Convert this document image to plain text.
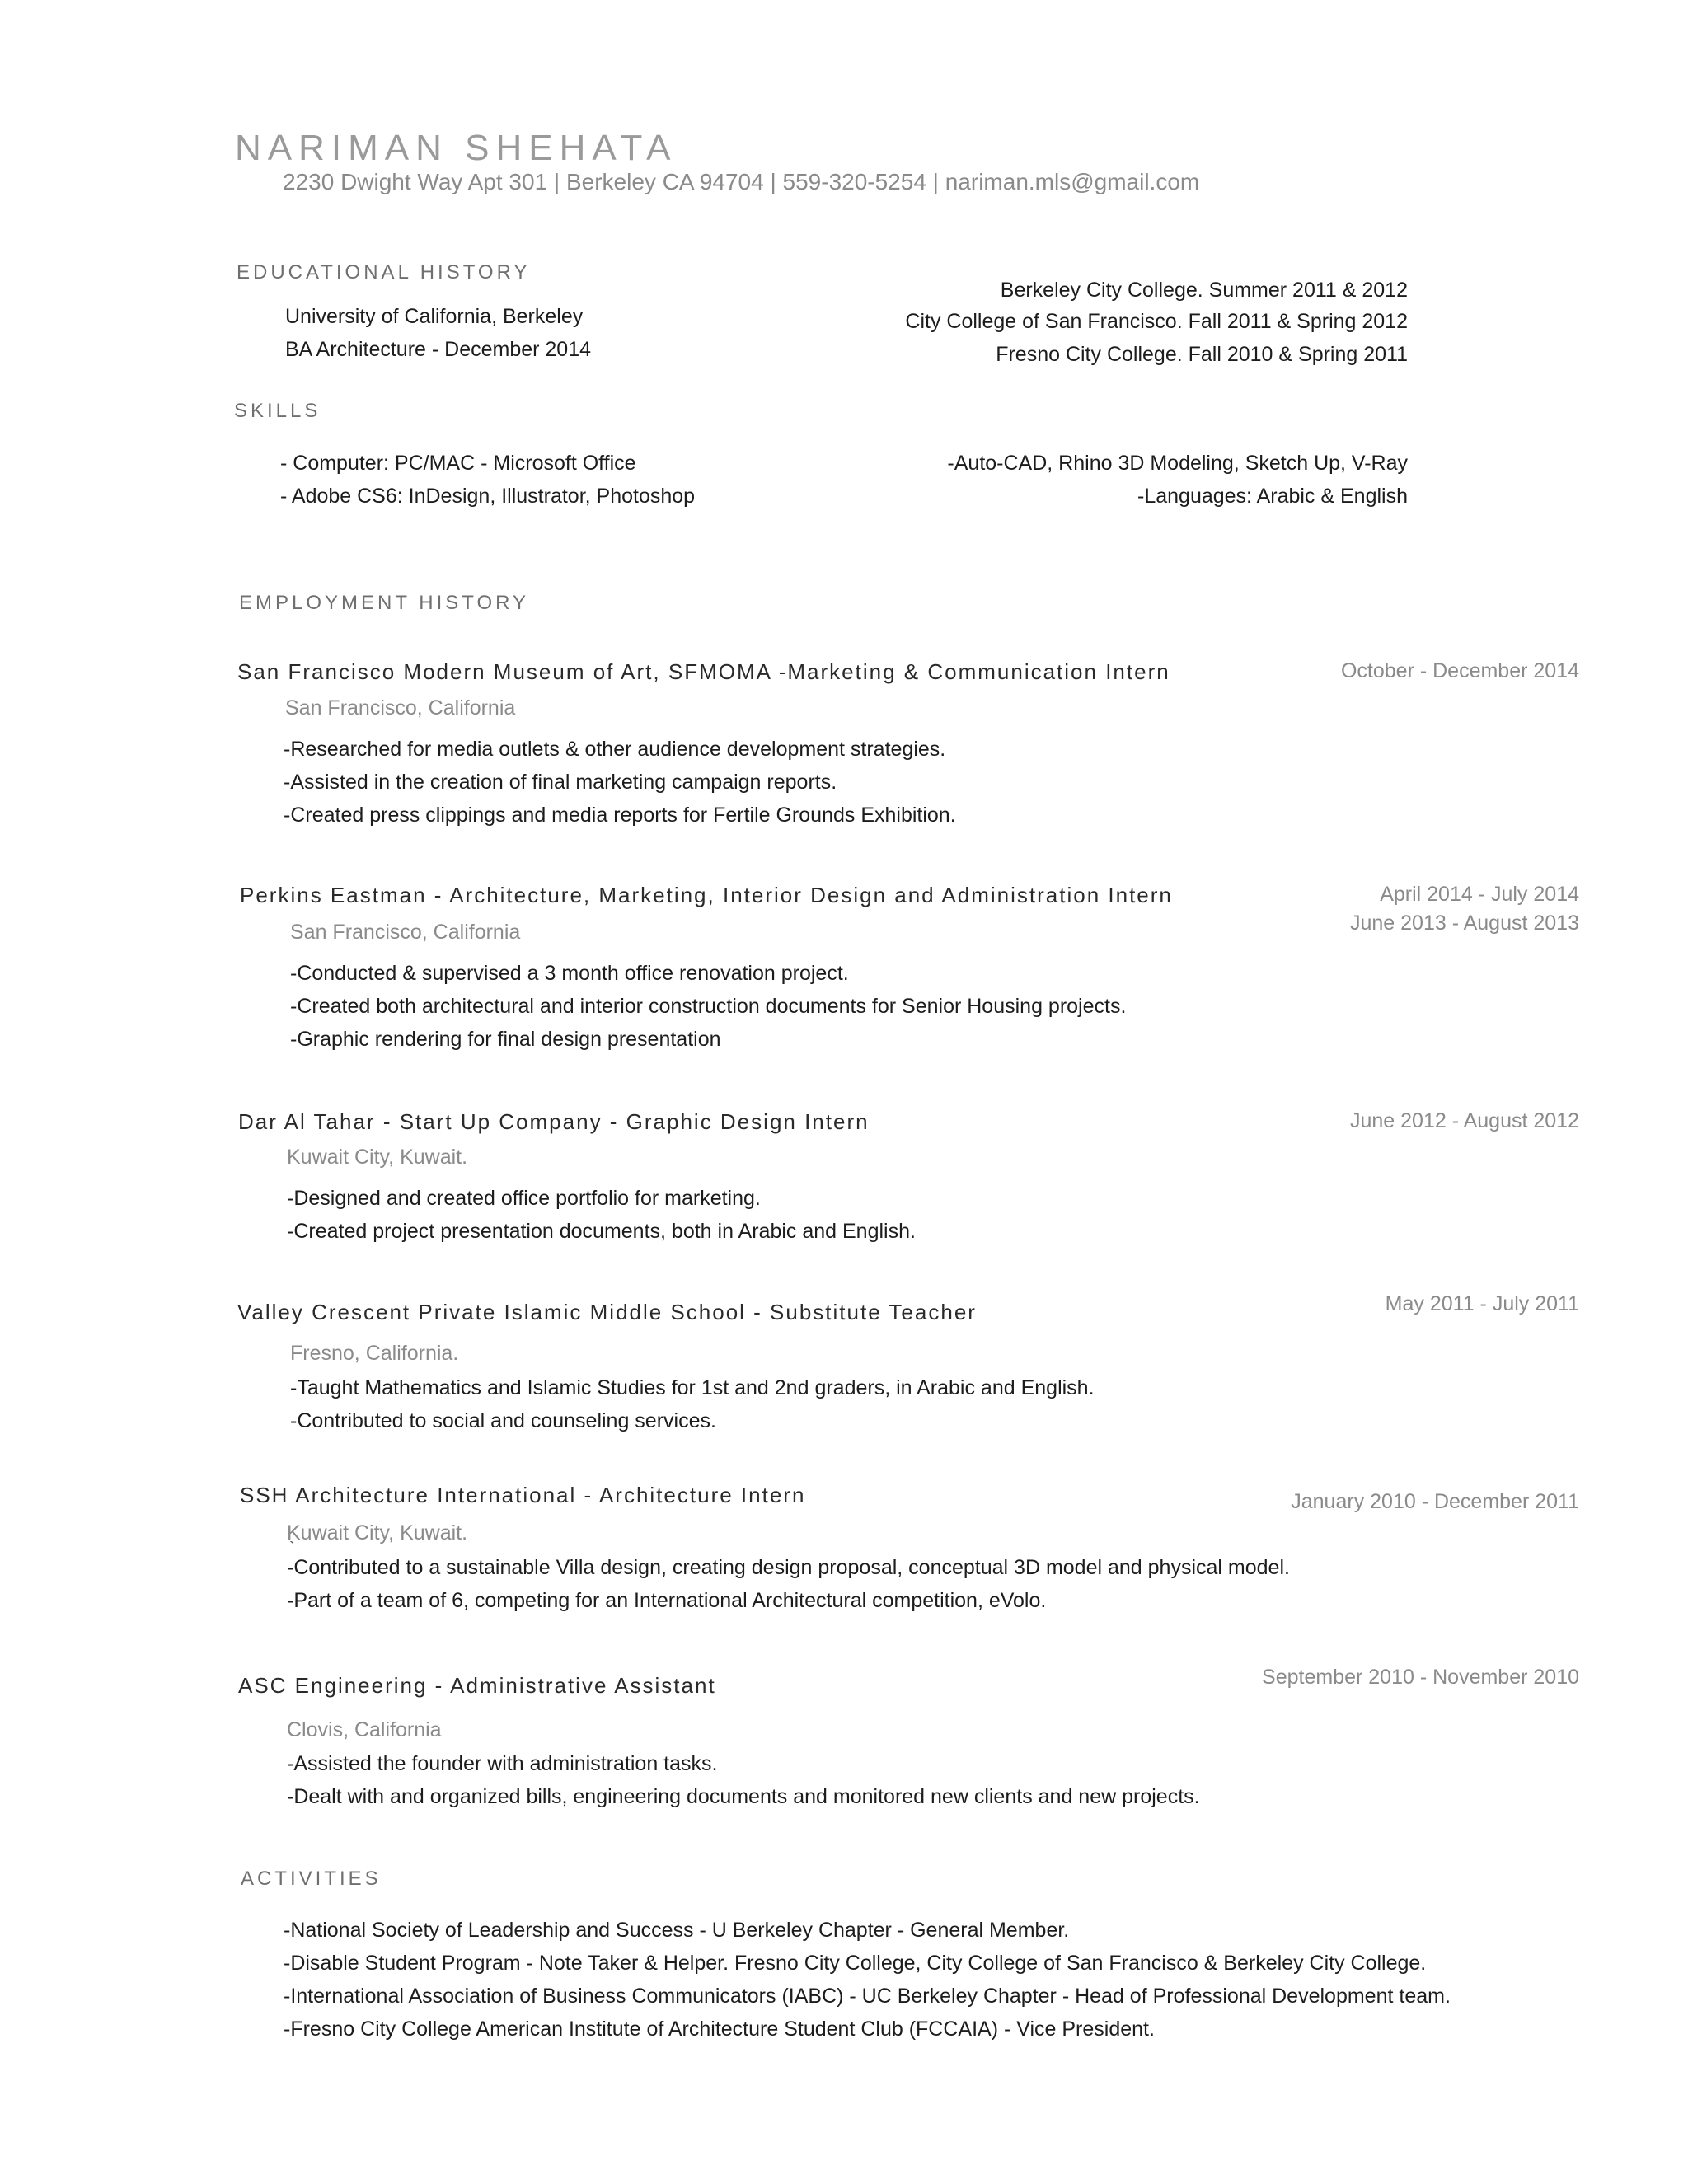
NARIMAN SHEHATA
2230 Dwight Way Apt 301 | Berkeley CA 94704 | 559-320-5254 | nariman.mls@gmail.com
EDUCATIONAL HISTORY
University of California, Berkeley
BA Architecture - December 2014
Berkeley City College. Summer 2011 & 2012
City College of San Francisco. Fall 2011 & Spring 2012
Fresno City College. Fall 2010 & Spring 2011
SKILLS
- Computer: PC/MAC - Microsoft Office
- Adobe CS6: InDesign, Illustrator, Photoshop
-Auto-CAD, Rhino 3D Modeling, Sketch Up, V-Ray
-Languages: Arabic & English
EMPLOYMENT HISTORY
San Francisco Modern Museum of Art, SFMOMA -Marketing & Communication Intern	October - December 2014
San Francisco, California
-Researched for media outlets & other audience development strategies.
-Assisted in the creation of final marketing campaign reports.
-Created press clippings and media reports for Fertile Grounds Exhibition.
Perkins Eastman - Architecture, Marketing, Interior Design and Administration Intern	April 2014 - July 2014
June 2013 - August 2013
San Francisco, California
-Conducted & supervised a 3 month office renovation project.
-Created both architectural and interior construction documents for Senior Housing projects.
-Graphic rendering for final design presentation
Dar Al Tahar - Start Up Company - Graphic Design Intern	June 2012 - August 2012
Kuwait City, Kuwait.
-Designed and created office portfolio for marketing.
-Created project presentation documents, both in Arabic and English.
Valley Crescent Private Islamic Middle School - Substitute Teacher	May 2011 - July 2011
Fresno, California.
-Taught Mathematics and Islamic Studies for 1st and 2nd graders, in Arabic and English.
-Contributed to social and counseling services.
SSH Architecture International - Architecture Intern	January 2010 - December 2011
Kuwait City, Kuwait.
`
-Contributed to a sustainable Villa design, creating design proposal, conceptual 3D model and physical model.
-Part of a team of 6, competing for an International Architectural competition, eVolo.
ASC Engineering - Administrative Assistant	September 2010 - November 2010
Clovis, California
-Assisted the founder with administration tasks.
-Dealt with and organized bills, engineering documents and monitored new clients and new projects.
ACTIVITIES
-National Society of Leadership and Success - U Berkeley Chapter - General Member.
-Disable Student Program - Note Taker & Helper. Fresno City College, City College of San Francisco & Berkeley City College.
-International Association of Business Communicators (IABC) - UC Berkeley Chapter - Head of Professional Development team.
-Fresno City College American Institute of Architecture Student Club (FCCAIA) - Vice President.
